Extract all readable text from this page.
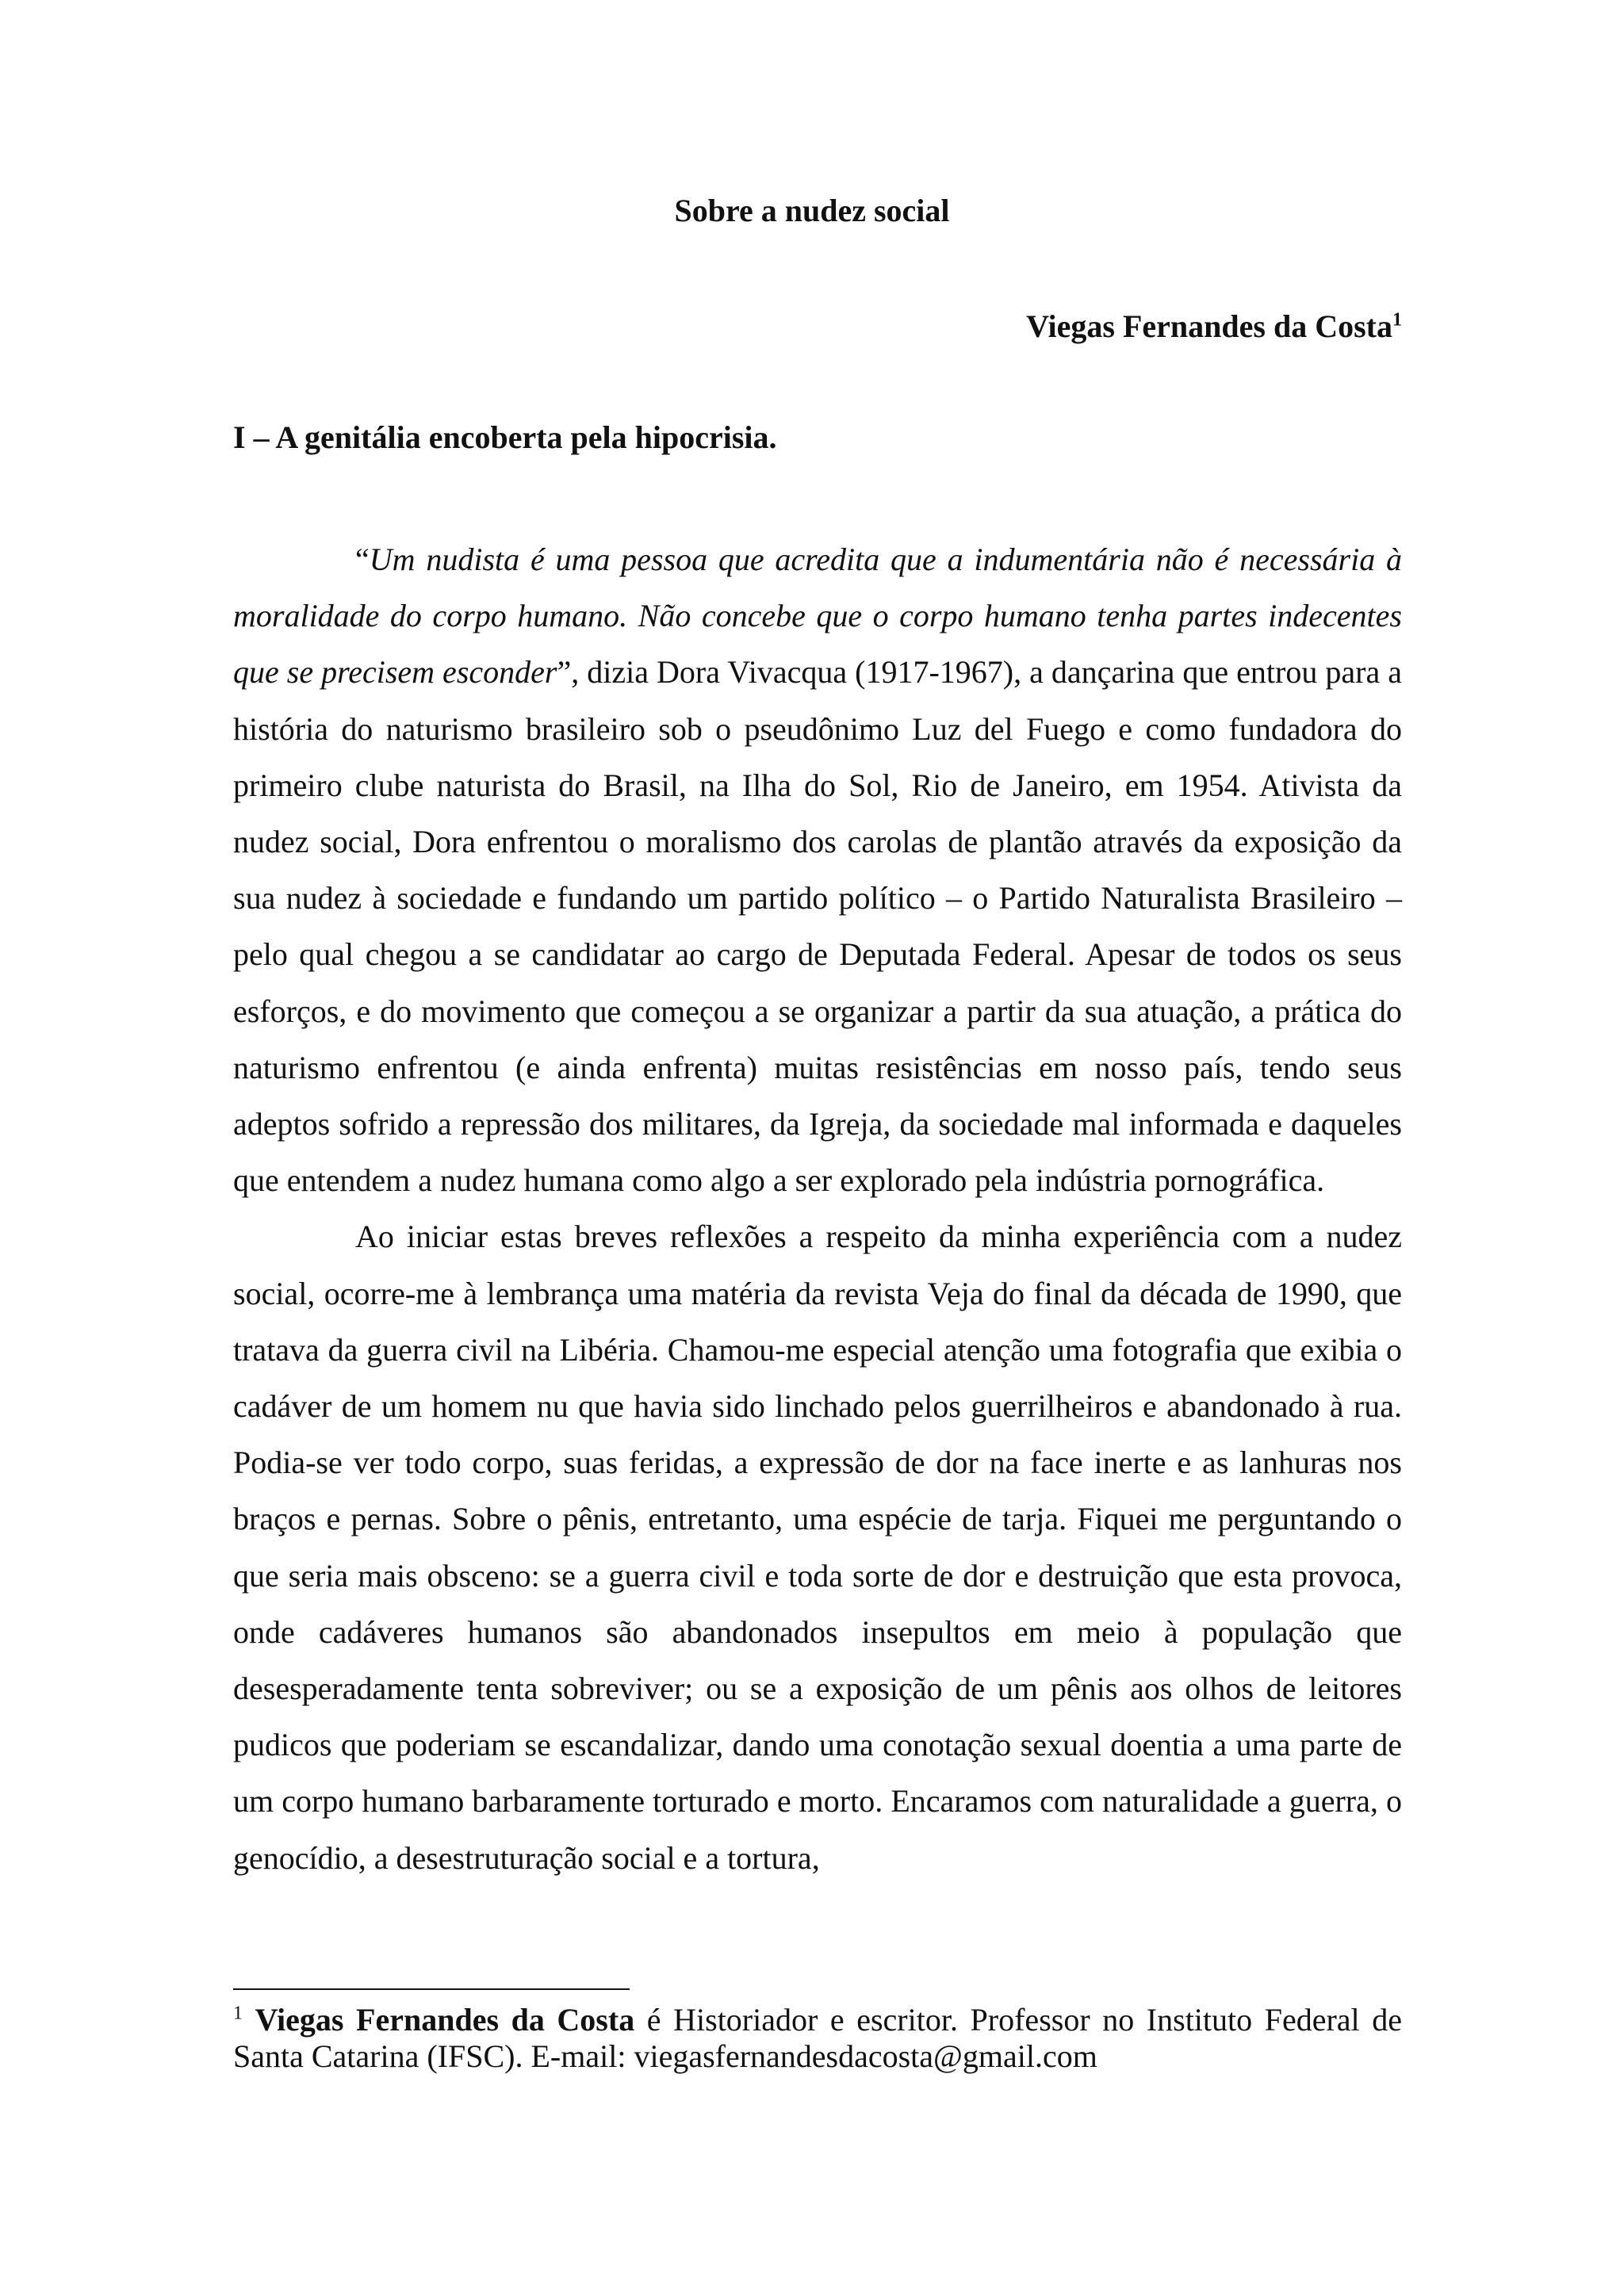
Sobre a nudez social
Viegas Fernandes da Costa$^1$
I – A genitália encoberta pela hipocrisia.

“Um nudista é uma pessoa que acredita que a indumentária não é necessária à moralidade do corpo humano. Não concebe que o corpo humano tenha partes indecentes que se precisem esconder”, dizia Dora Vivacqua (1917-1967), a dançarina que entrou para a história do naturismo brasileiro sob o pseudônimo Luz del Fuego e como fundadora do primeiro clube naturista do Brasil, na Ilha do Sol, Rio de Janeiro, em 1954. Ativista da nudez social, Dora enfrentou o moralismo dos carolas de plantão através da exposição da sua nudez à sociedade e fundando um partido político – o Partido Naturalista Brasileiro – pelo qual chegou a se candidatar ao cargo de Deputada Federal. Apesar de todos os seus esforços, e do movimento que começou a se organizar a partir da sua atuação, a prática do naturismo enfrentou (e ainda enfrenta) muitas resistências em nosso país, tendo seus adeptos sofrido a repressão dos militares, da Igreja, da sociedade mal informada e daqueles que entendem a nudez humana como algo a ser explorado pela indústria pornográfica.

Ao iniciar estas breves reflexões a respeito da minha experiência com a nudez social, ocorre-me à lembrança uma matéria da revista Veja do final da década de 1990, que tratava da guerra civil na Libéria. Chamou-me especial atenção uma fotografia que exibia o cadáver de um homem nu que havia sido linchado pelos guerrilheiros e abandonado à rua. Podia-se ver todo corpo, suas feridas, a expressão de dor na face inerte e as lanhuras nos braços e pernas. Sobre o pênis, entretanto, uma espécie de tarja. Fiquei me perguntando o que seria mais obsceno: se a guerra civil e toda sorte de dor e destruição que esta provoca, onde cadáveres humanos são abandonados insepultos em meio à população que desesperadamente tenta sobreviver; ou se a exposição de um pênis aos olhos de leitores pudicos que poderiam se escandalizar, dando uma conotação sexual doentia a uma parte de um corpo humano barbaramente torturado e morto. Encaramos com naturalidade a guerra, o genocídio, a desestruturação social e a tortura,

$^1$ Viegas Fernandes da Costa é Historiador e escritor. Professor no Instituto Federal de Santa Catarina (IFSC). E-mail: viegasfernandesdacosta@gmail.com
